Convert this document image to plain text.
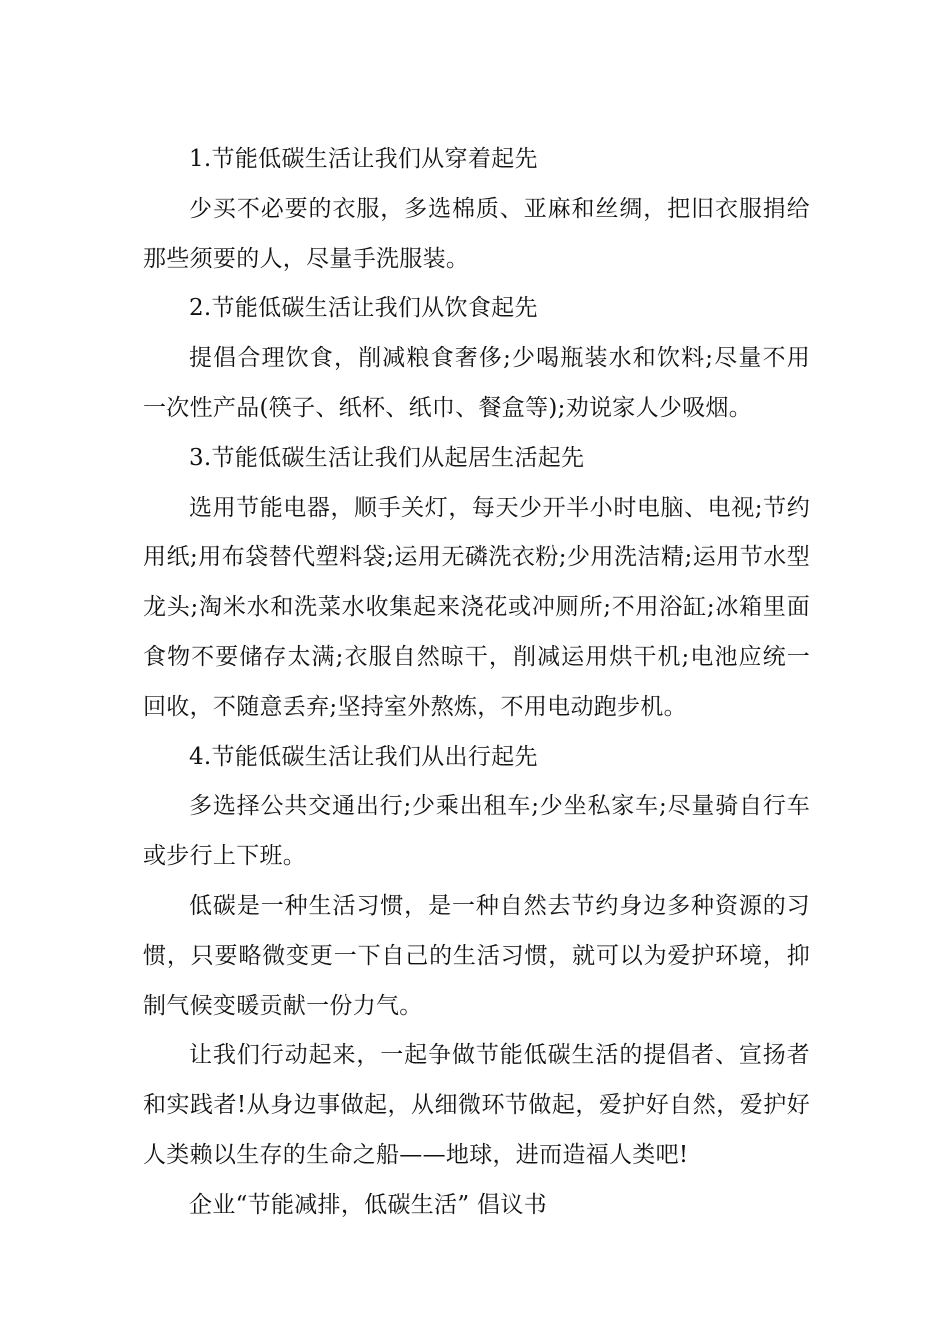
1.节能低碳生活让我们从穿着起先

少买不必要的衣服，多选棉质、亚麻和丝绸，把旧衣服捐给那些须要的人，尽量手洗服装。

2.节能低碳生活让我们从饮食起先

提倡合理饮食，削减粮食奢侈;少喝瓶装水和饮料;尽量不用一次性产品(筷子、纸杯、纸巾、餐盒等);劝说家人少吸烟。

3.节能低碳生活让我们从起居生活起先

选用节能电器，顺手关灯，每天少开半小时电脑、电视;节约用纸;用布袋替代塑料袋;运用无磷洗衣粉;少用洗洁精;运用节水型龙头;淘米水和洗菜水收集起来浇花或冲厕所;不用浴缸;冰箱里面食物不要储存太满;衣服自然晾干，削减运用烘干机;电池应统一回收，不随意丢弃;坚持室外熬炼，不用电动跑步机。

4.节能低碳生活让我们从出行起先

多选择公共交通出行;少乘出租车;少坐私家车;尽量骑自行车或步行上下班。

低碳是一种生活习惯，是一种自然去节约身边多种资源的习惯，只要略微变更一下自己的生活习惯，就可以为爱护环境，抑制气候变暖贡献一份力气。

让我们行动起来，一起争做节能低碳生活的提倡者、宣扬者和实践者!从身边事做起，从细微环节做起，爱护好自然，爱护好人类赖以生存的生命之船——地球，进而造福人类吧!

企业“节能减排，低碳生活” 倡议书
